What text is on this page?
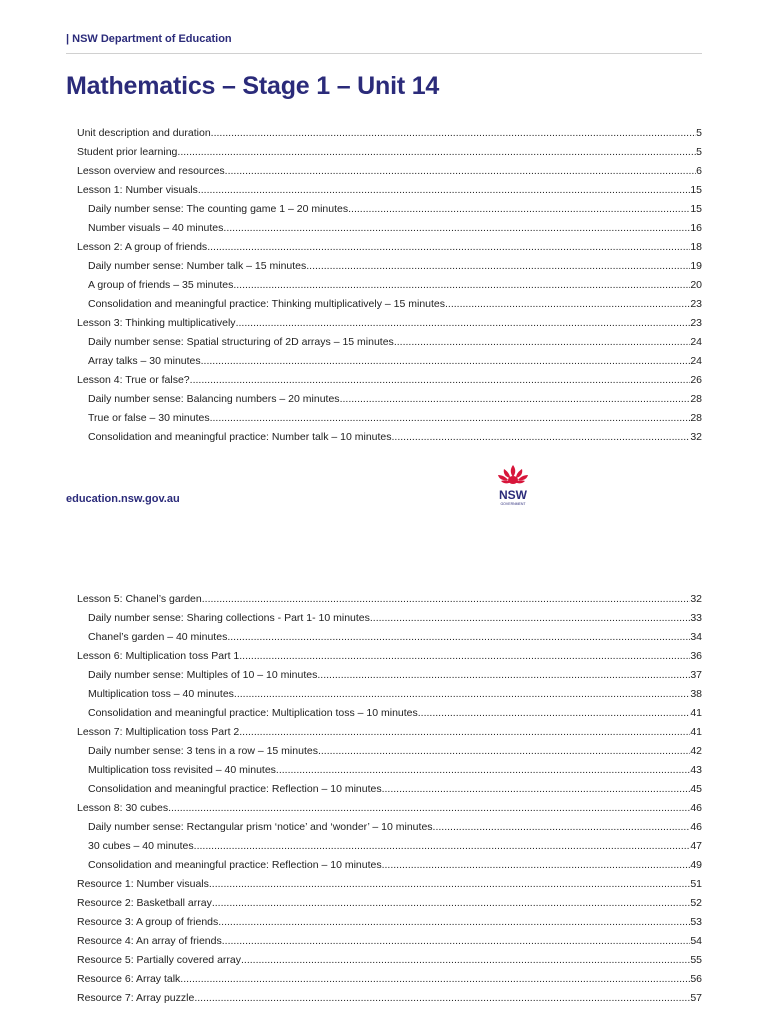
| NSW Department of Education
Mathematics – Stage 1 – Unit 14
Unit description and duration .....	5
Student prior learning .....	5
Lesson overview and resources .....	6
Lesson 1: Number visuals .....	15
Daily number sense: The counting game 1 – 20 minutes .....	15
Number visuals – 40 minutes .....	16
Lesson 2: A group of friends .....	18
Daily number sense: Number talk – 15 minutes .....	19
A group of friends – 35 minutes .....	20
Consolidation and meaningful practice: Thinking multiplicatively – 15 minutes .....	23
Lesson 3: Thinking multiplicatively .....	23
Daily number sense: Spatial structuring of 2D arrays – 15 minutes .....	24
Array talks – 30 minutes .....	24
Lesson 4: True or false? .....	26
Daily number sense: Balancing numbers – 20 minutes .....	28
True or false – 30 minutes .....	28
Consolidation and meaningful practice: Number talk – 10 minutes .....	32
education.nsw.gov.au	NSW
GOVERNMENT
Lesson 5: Chanel’s garden .....	32
Daily number sense: Sharing collections - Part 1- 10 minutes .....	33
Chanel’s garden – 40 minutes .....	34
Lesson 6: Multiplication toss Part 1 .....	36
Daily number sense: Multiples of 10 – 10 minutes .....	37
Multiplication toss – 40 minutes .....	38
Consolidation and meaningful practice: Multiplication toss – 10 minutes .....	41
Lesson 7: Multiplication toss Part 2 .....	41
Daily number sense: 3 tens in a row – 15 minutes .....	42
Multiplication toss revisited – 40 minutes .....	43
Consolidation and meaningful practice: Reflection – 10 minutes .....	45
Lesson 8: 30 cubes .....	46
Daily number sense: Rectangular prism ‘notice’ and ‘wonder’ – 10 minutes .....	46
30 cubes – 40 minutes .....	47
Consolidation and meaningful practice: Reflection – 10 minutes .....	49
Resource 1: Number visuals .....	51
Resource 2: Basketball array .....	52
Resource 3: A group of friends .....	53
Resource 4: An array of friends .....	54
Resource 5: Partially covered array .....	55
Resource 6: Array talk .....	56
Resource 7: Array puzzle .....	57
